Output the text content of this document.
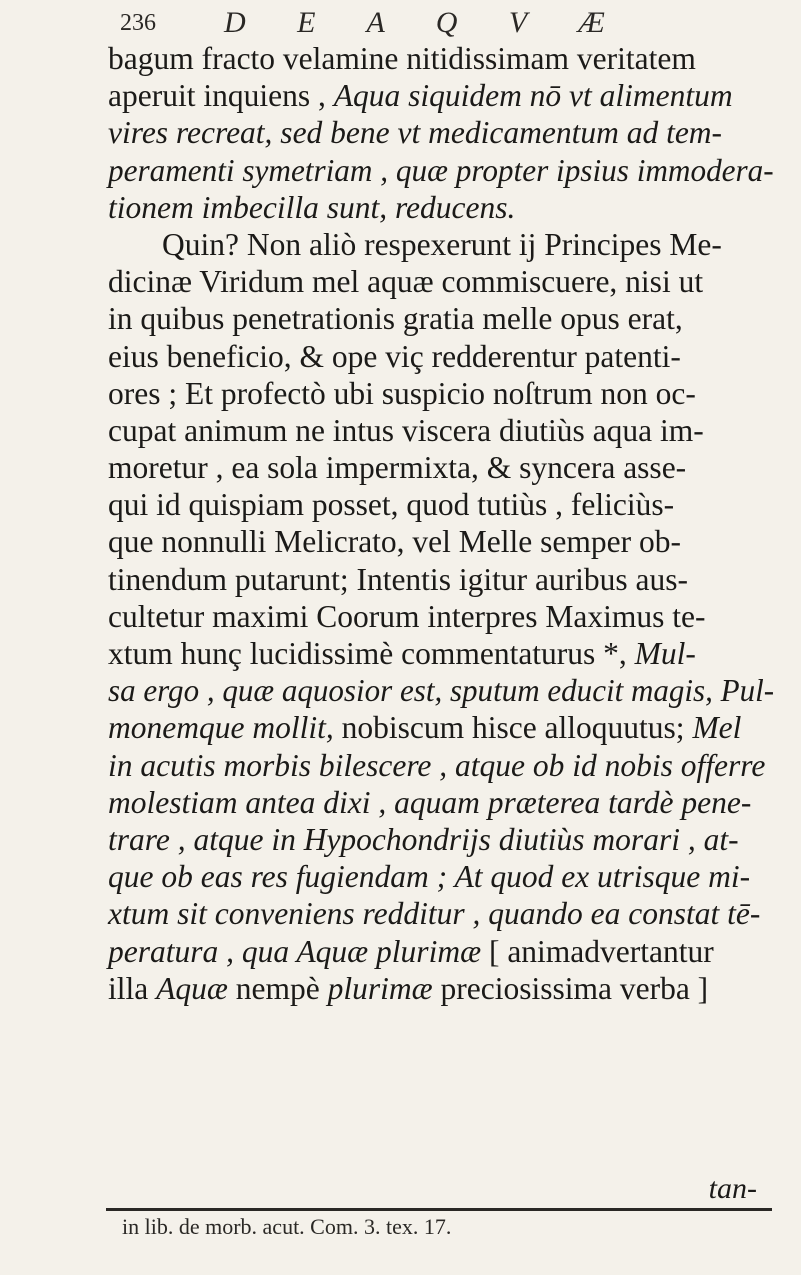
236 D E A Q V Æ
bagum fracto velamine nitidissimam veritatem
aperuit inquiens , Aqua siquidem nō vt alimentum
vires recreat, sed bene vt medicamentum ad tem-
peramenti symetriam , quæ propter ipsius immodera-
tionem imbecilla sunt, reducens.
Quin? Non aliò respexerunt ij Principes Me-
dicinæ Viridum mel aquæ commiscuere, nisi ut
in quibus penetrationis gratia melle opus erat,
eius beneficio, & ope viç redderentur patenti-
ores ; Et profectò ubi suspicio noſtrum non oc-
cupat animum ne intus viscera diutiùs aqua im-
moretur , ea sola impermixta, & syncera asse-
qui id quispiam posset, quod tutiùs , feliciùs-
que nonnulli Melicrato, vel Melle semper ob-
tinendum putarunt; Intentis igitur auribus aus-
cultetur maximi Coorum interpres Maximus te-
xtum hunç lucidissimè commentaturus *, Mul-
sa ergo , quæ aquosior est, sputum educit magis, Pul-
monemque mollit, nobiscum hisce alloquutus; Mel
in acutis morbis bilescere , atque ob id nobis offerre
molestiam antea dixi , aquam præterea tardè pene-
trare , atque in Hypochondrijs diutiùs morari , at-
que ob eas res fugiendam ; At quod ex utrisque mi-
xtum sit conveniens redditur , quando ea constat tē-
peratura , qua Aquæ plurimæ [ animadvertantur
illa Aquæ nempè plurimæ preciosissima verba ]
tan-
in lib. de morb. acut. Com. 3. tex. 17.
